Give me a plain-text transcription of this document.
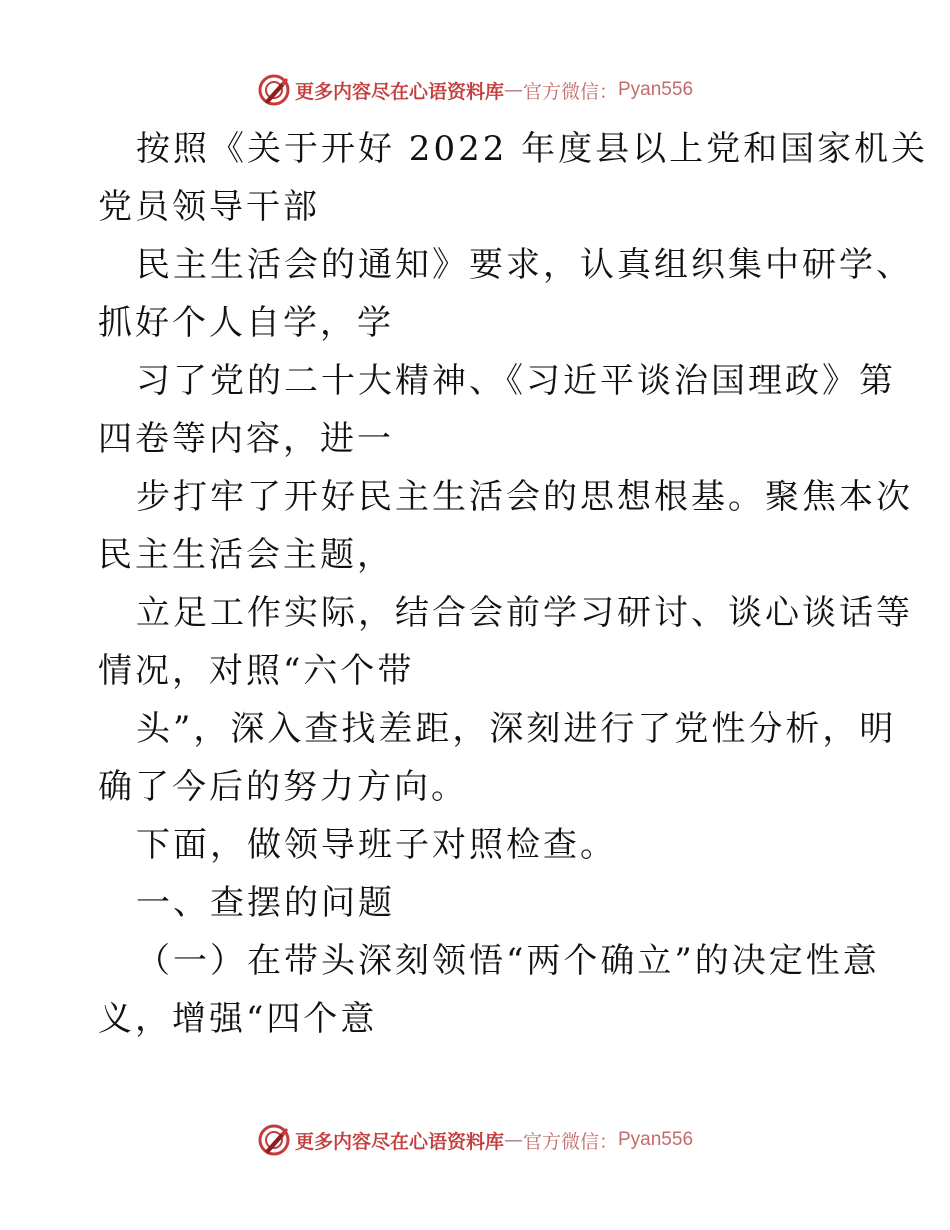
更多内容尽在心语资料库 — 官方微信： Pyan556

按照《关于开好 2022 年度县以上党和国家机关

党员领导干部

民主生活会的通知》要求，认真组织集中研学、

抓好个人自学，学

习了党的二十大精神、《习近平谈治国理政》第

四卷等内容，进一

步打牢了开好民主生活会的思想根基。聚焦本次

民主生活会主题，

立足工作实际，结合会前学习研讨、谈心谈话等

情况，对照“六个带

头”，深入查找差距，深刻进行了党性分析，明

确了今后的努力方向。

下面，做领导班子对照检查。

一、查摆的问题

（一）在带头深刻领悟“两个确立”的决定性意

义，增强“四个意

更多内容尽在心语资料库 — 官方微信： Pyan556
